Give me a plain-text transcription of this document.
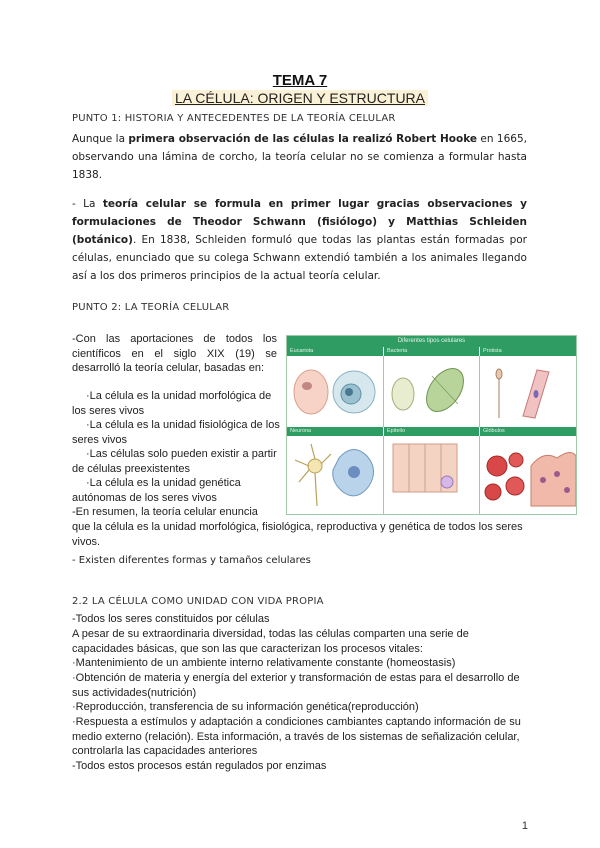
TEMA 7
LA CÉLULA: ORIGEN Y ESTRUCTURA
PUNTO 1: HISTORIA Y ANTECEDENTES DE LA TEORÍA CELULAR
Aunque la primera observación de las células la realizó Robert Hooke en 1665, observando una lámina de corcho, la teoría celular no se comienza a formular hasta 1838.
- La teoría celular se formula en primer lugar gracias observaciones y formulaciones de Theodor Schwann (fisiólogo) y Matthias Schleiden (botánico). En 1838, Schleiden formuló que todas las plantas están formadas por células, enunciado que su colega Schwann extendió también a los animales llegando así a los dos primeros principios de la actual teoría celular.
PUNTO 2: LA TEORÍA CELULAR
-Con las aportaciones de todos los científicos en el siglo XIX (19) se desarrolló la teoría celular, basadas en:
·La célula es la unidad morfológica de los seres vivos
·La célula es la unidad fisiológica de los seres vivos
·Las células solo pueden existir a partir de células preexistentes
·La célula es la unidad genética autónomas de los seres vivos
-En resumen, la teoría celular enuncia
que la célula es la unidad morfológica, fisiológica, reproductiva y genética de todos los seres vivos.
- Existen diferentes formas y tamaños celulares
Diferentes tipos celulares
Eucariota	Bacteria	Protista
Neurona	Epitelio	Glóbulos
2.2 LA CÉLULA COMO UNIDAD CON VIDA PROPIA
-Todos los seres constituidos por células
A pesar de su extraordinaria diversidad, todas las células comparten una serie de capacidades básicas, que son las que caracterizan los procesos vitales:
·Mantenimiento de un ambiente interno relativamente constante (homeostasis)
·Obtención de materia y energía del exterior y transformación de estas para el desarrollo de sus actividades(nutrición)
·Reproducción, transferencia de su información genética(reproducción)
·Respuesta a estímulos y adaptación a condiciones cambiantes captando información de su medio externo (relación). Esta información, a través de los sistemas de señalización celular, controlarla las capacidades anteriores
-Todos estos procesos están regulados por enzimas
1
